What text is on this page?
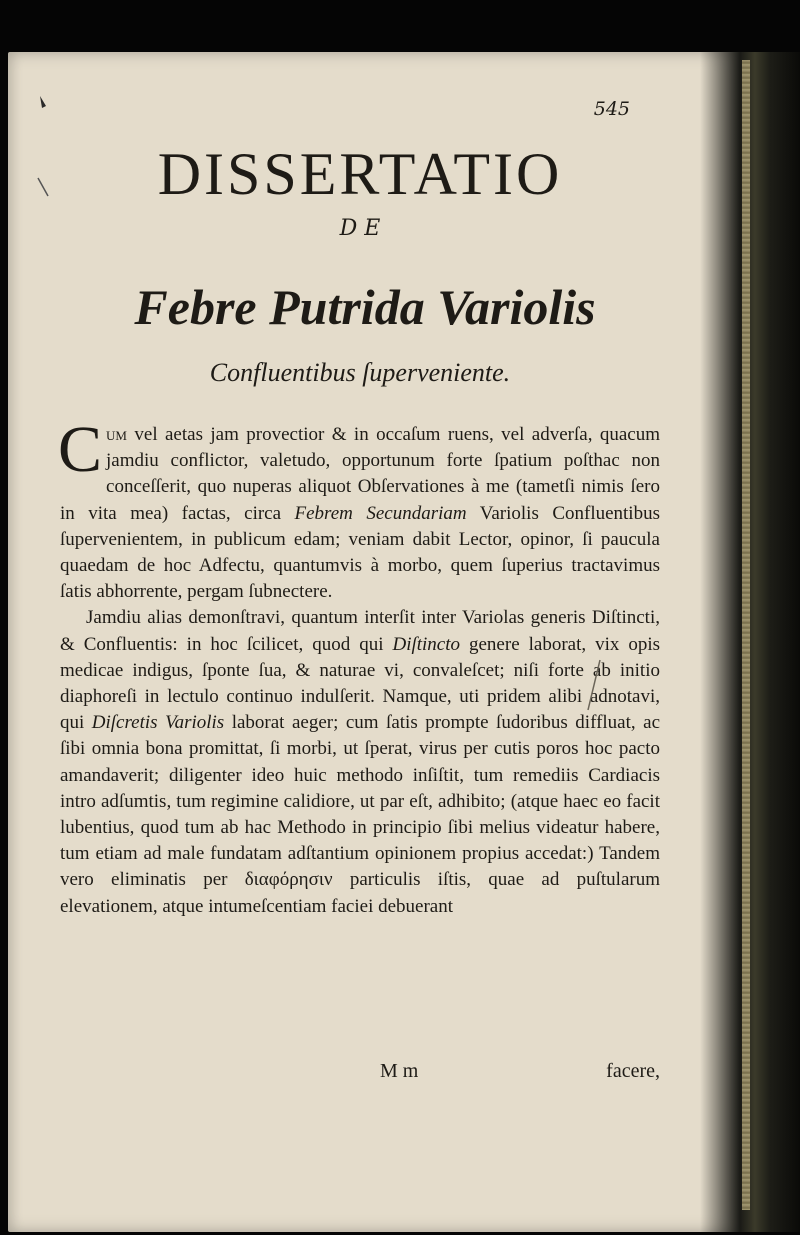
545
DISSERTATIO
D E
Febre Putrida Variolis
Confluentibus ſuperveniente.

Cum vel aetas jam provectior & in occaſum ruens, vel adverſa, quacum jamdiu conflictor, valetudo, opportunum forte ſpatium poſthac non conceſſerit, quo nuperas aliquot Obſervationes à me (tametſi nimis ſero in vita mea) factas, circa Febrem Secundariam Variolis Confluentibus ſupervenientem, in publicum edam; veniam dabit Lector, opinor, ſi paucula quaedam de hoc Adfectu, quantumvis à morbo, quem ſuperius tractavimus ſatis abhorrente, pergam ſubnectere.

Jamdiu alias demonſtravi, quantum interſit inter Variolas generis Diſtincti, & Confluentis: in hoc ſcilicet, quod qui Diſtincto genere laborat, vix opis medicae indigus, ſponte ſua, & naturae vi, convaleſcet; niſi forte ab initio diaphoreſi in lectulo continuo indulſerit. Namque, uti pridem alibi adnotavi, qui Diſcretis Variolis laborat aeger; cum ſatis prompte ſudoribus diffluat, ac ſibi omnia bona promittat, ſi morbi, ut ſperat, virus per cutis poros hoc pacto amandaverit; diligenter ideo huic methodo inſiſtit, tum remediis Cardiacis intro adſumtis, tum regimine calidiore, ut par eſt, adhibito; (atque haec eo facit lubentius, quod tum ab hac Methodo in principio ſibi melius videatur habere, tum etiam ad male fundatam adſtantium opinionem propius accedat:) Tandem vero eliminatis per διαφόρησιν particulis iſtis, quae ad puſtularum elevationem, atque intumeſcentiam faciei debuerant

M m	facere,
